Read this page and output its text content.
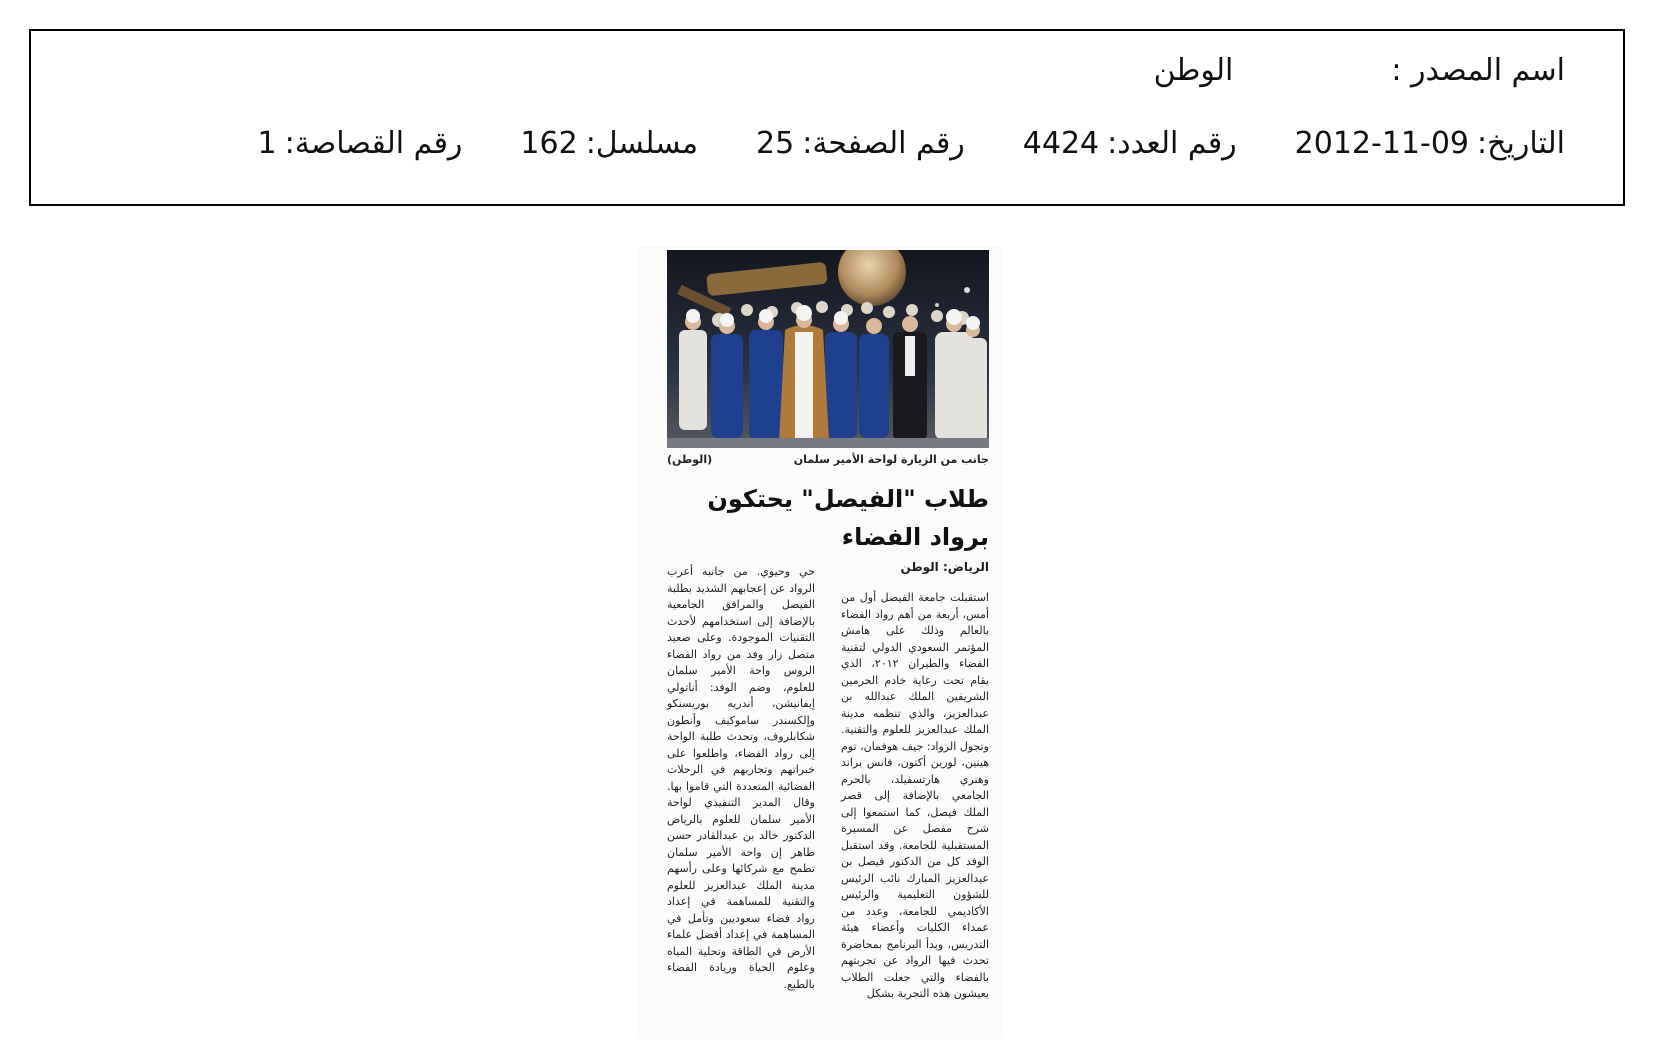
اسم المصدر :
الوطن
التاريخ:
2012-11-09
رقم العدد:
4424
رقم الصفحة:
25
مسلسل:
162
رقم القصاصة:
1
جانب من الزيارة لواحة الأمير سلمان
(الوطن)
طلاب "الفيصل" يحتكون برواد الفضاء
الرياض: الوطن
استقبلت جامعة الفيصل أول من أمس، أربعة من أهم رواد الفضاء بالعالم وذلك على هامش المؤتمر السعودي الدولي لتقنية الفضاء والطيران ٢٠١٢، الذي يقام تحت رعاية خادم الحرمين الشريفين الملك عبدالله بن عبدالعزيز، والذي تنظمه مدينة الملك عبدالعزيز للعلوم والتقنية. وتجول الرواد: جيف هوفمان، توم هينين، لورين أكتون، فانس براند وهنري هارتسفيلد، بالحرم الجامعي بالإضافة إلى قصر الملك فيصل، كما استمعوا إلى شرح مفصل عن المسيرة المستقبلية للجامعة. وقد استقبل الوفد كل من الدكتور فيصل بن عبدالعزيز المبارك نائب الرئيس للشؤون التعليمية والرئيس الأكاديمي للجامعة، وعدد من عمداء الكليات وأعضاء هيئة التدريس، وبدأ البرنامج بمحاضرة تحدث فيها الرواد عن تجربتهم بالفضاء والتي جعلت الطلاب يعيشون هذه التجربة بشكل
حي وحيوي. من جانبه أعرب الرواد عن إعجابهم الشديد بطلبة الفيصل والمرافق الجامعية بالإضافة إلى استخدامهم لأحدث التقنيات الموجودة. وعلى صعيد متصل زار وفد من رواد الفضاء الروس واحة الأمير سلمان للعلوم، وضم الوفد: أناتولي إيفانيشن، أندريه بوريسنكو وإلكسندر ساموكيف وأنطون شكابلروف، وتحدث طلبة الواحة إلى رواد الفضاء، واطلعوا على خبراتهم وتجاربهم في الرحلات الفضائية المتعددة التي قاموا بها. وقال المدير التنفيذي لواحة الأمير سلمان للعلوم بالرياض الدكتور خالد بن عبدالقادر حسن طاهر إن واحة الأمير سلمان تطمح مع شركائها وعلى رأسهم مدينة الملك عبدالعزيز للعلوم والتقنية للمساهمة في إعداد رواد فضاء سعوديين وتأمل في المساهمة في إعداد أفضل علماء الأرض في الطاقة وتحلية المياه وعلوم الحياة وريادة الفضاء بالطبع.
